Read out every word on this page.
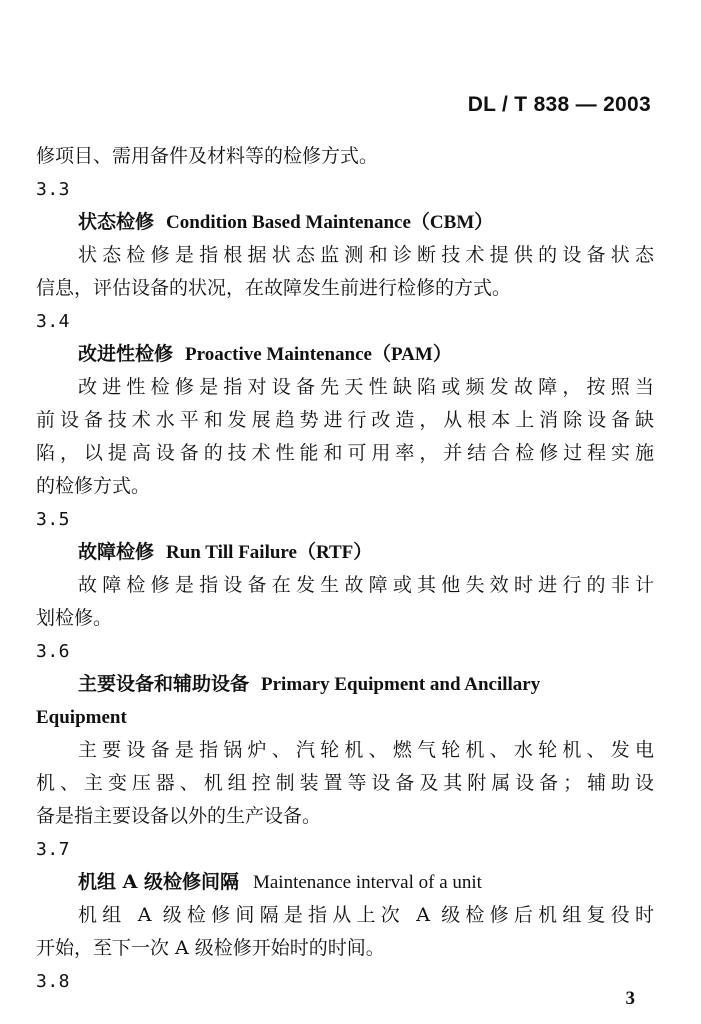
DL / T 838 — 2003
修项目、需用备件及材料等的检修方式。
3.3
状态检修 Condition Based Maintenance（CBM）
状态检修是指根据状态监测和诊断技术提供的设备状态
信息，评估设备的状况，在故障发生前进行检修的方式。
3.4
改进性检修 Proactive Maintenance（PAM）
改进性检修是指对设备先天性缺陷或频发故障，按照当
前设备技术水平和发展趋势进行改造，从根本上消除设备缺
陷，以提高设备的技术性能和可用率，并结合检修过程实施
的检修方式。
3.5
故障检修 Run Till Failure（RTF）
故障检修是指设备在发生故障或其他失效时进行的非计
划检修。
3.6
主要设备和辅助设备 Primary Equipment and Ancillary
Equipment
主要设备是指锅炉、汽轮机、燃气轮机、水轮机、发电
机、主变压器、机组控制装置等设备及其附属设备；辅助设
备是指主要设备以外的生产设备。
3.7
机组 A 级检修间隔 Maintenance interval of a unit
机组 A 级检修间隔是指从上次 A 级检修后机组复役时
开始，至下一次 A 级检修开始时的时间。
3.8
3
